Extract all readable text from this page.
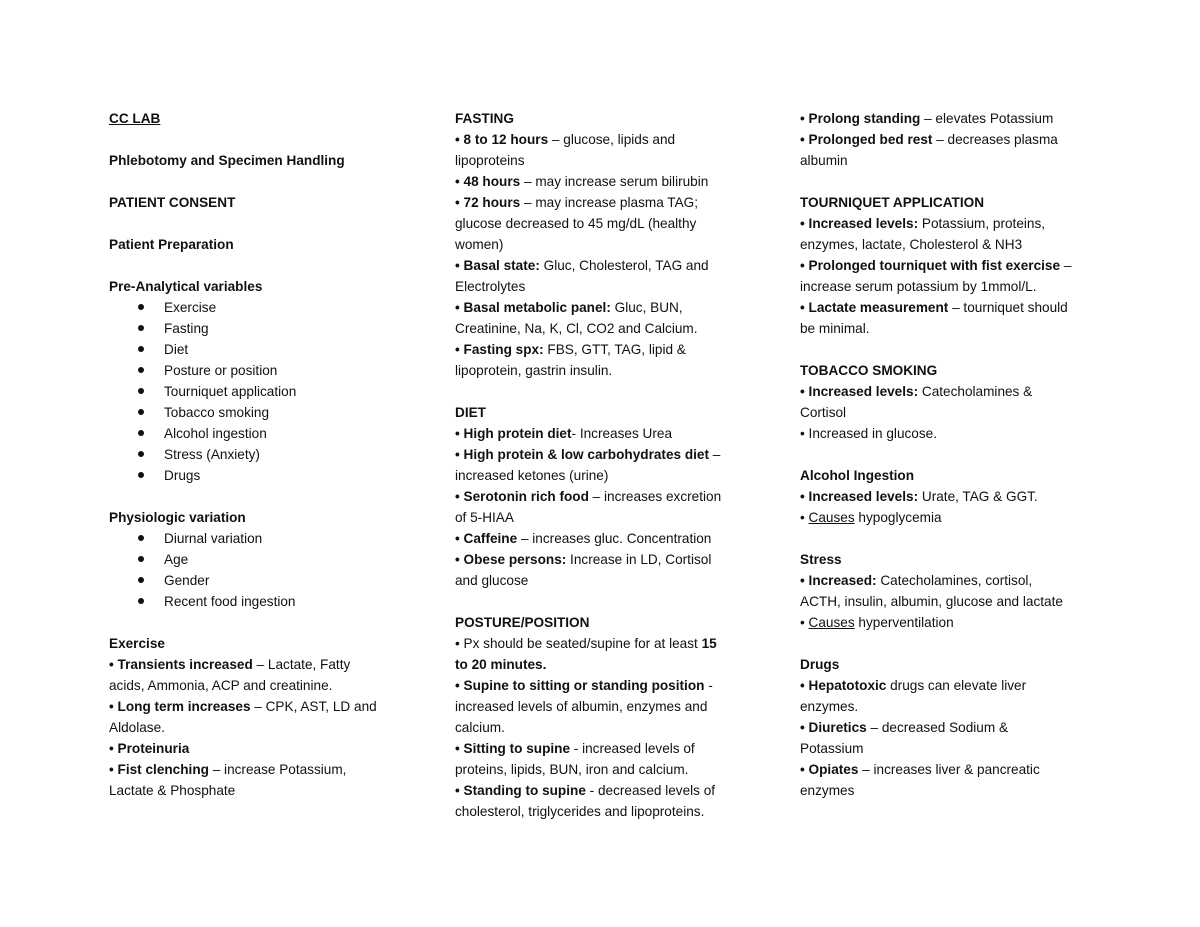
CC LAB
Phlebotomy and Specimen Handling
PATIENT CONSENT
Patient Preparation
Pre-Analytical variables
Exercise
Fasting
Diet
Posture or position
Tourniquet application
Tobacco smoking
Alcohol ingestion
Stress (Anxiety)
Drugs
Physiologic variation
Diurnal variation
Age
Gender
Recent food ingestion
Exercise
• Transients increased – Lactate, Fatty
acids, Ammonia, ACP and creatinine.
• Long term increases – CPK, AST, LD and
Aldolase.
• Proteinuria
• Fist clenching – increase Potassium,
Lactate & Phosphate
FASTING
• 8 to 12 hours – glucose, lipids and
lipoproteins
• 48 hours – may increase serum bilirubin
• 72 hours – may increase plasma TAG;
glucose decreased to 45 mg/dL (healthy
women)
• Basal state: Gluc, Cholesterol, TAG and
Electrolytes
• Basal metabolic panel: Gluc, BUN,
Creatinine, Na, K, Cl, CO2 and Calcium.
• Fasting spx: FBS, GTT, TAG, lipid &
lipoprotein, gastrin insulin.
DIET
• High protein diet- Increases Urea
• High protein & low carbohydrates diet –
increased ketones (urine)
• Serotonin rich food – increases excretion
of 5-HIAA
• Caffeine – increases gluc. Concentration
• Obese persons: Increase in LD, Cortisol
and glucose
POSTURE/POSITION
• Px should be seated/supine for at least 15
to 20 minutes.
• Supine to sitting or standing position -
increased levels of albumin, enzymes and
calcium.
• Sitting to supine - increased levels of
proteins, lipids, BUN, iron and calcium.
• Standing to supine - decreased levels of
cholesterol, triglycerides and lipoproteins.
• Prolong standing – elevates Potassium
• Prolonged bed rest – decreases plasma
albumin
TOURNIQUET APPLICATION
• Increased levels: Potassium, proteins,
enzymes, lactate, Cholesterol & NH3
• Prolonged tourniquet with fist exercise –
increase serum potassium by 1mmol/L.
• Lactate measurement – tourniquet should
be minimal.
TOBACCO SMOKING
• Increased levels: Catecholamines &
Cortisol
• Increased in glucose.
Alcohol Ingestion
• Increased levels: Urate, TAG & GGT.
• Causes hypoglycemia
Stress
• Increased: Catecholamines, cortisol,
ACTH, insulin, albumin, glucose and lactate
• Causes hyperventilation
Drugs
• Hepatotoxic drugs can elevate liver
enzymes.
• Diuretics – decreased Sodium &
Potassium
• Opiates – increases liver & pancreatic
enzymes
